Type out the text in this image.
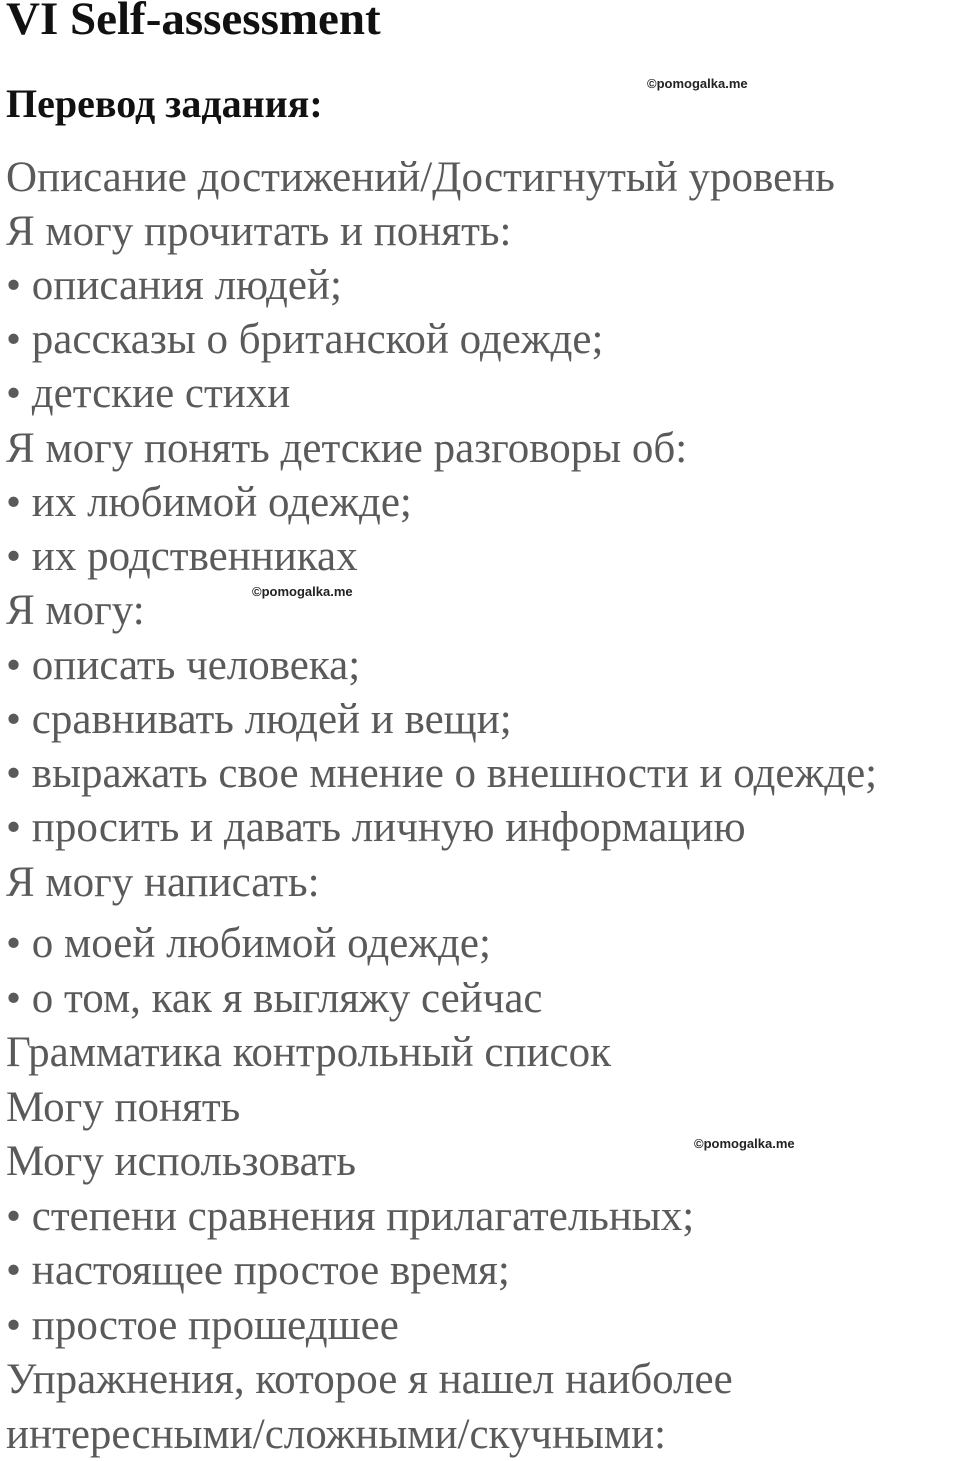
VI Self-assessment
Перевод задания:	©pomogalka.me
©pomogalka.me
©pomogalka.me
Описание достижений/Достигнутый уровень
Я могу прочитать и понять:
• описания людей;
• рассказы о британской одежде;
• детские стихи
Я могу понять детские разговоры об:
• их любимой одежде;
• их родственниках
Я могу:
• описать человека;
• сравнивать людей и вещи;
• выражать свое мнение о внешности и одежде;
• просить и давать личную информацию
Я могу написать:
• о моей любимой одежде;
• о том, как я выгляжу сейчас
Грамматика контрольный список
Могу понять
Могу использовать
• степени сравнения прилагательных;
• настоящее простое время;
• простое прошедшее
Упражнения, которое я нашел наиболее
интересными/сложными/скучными:
